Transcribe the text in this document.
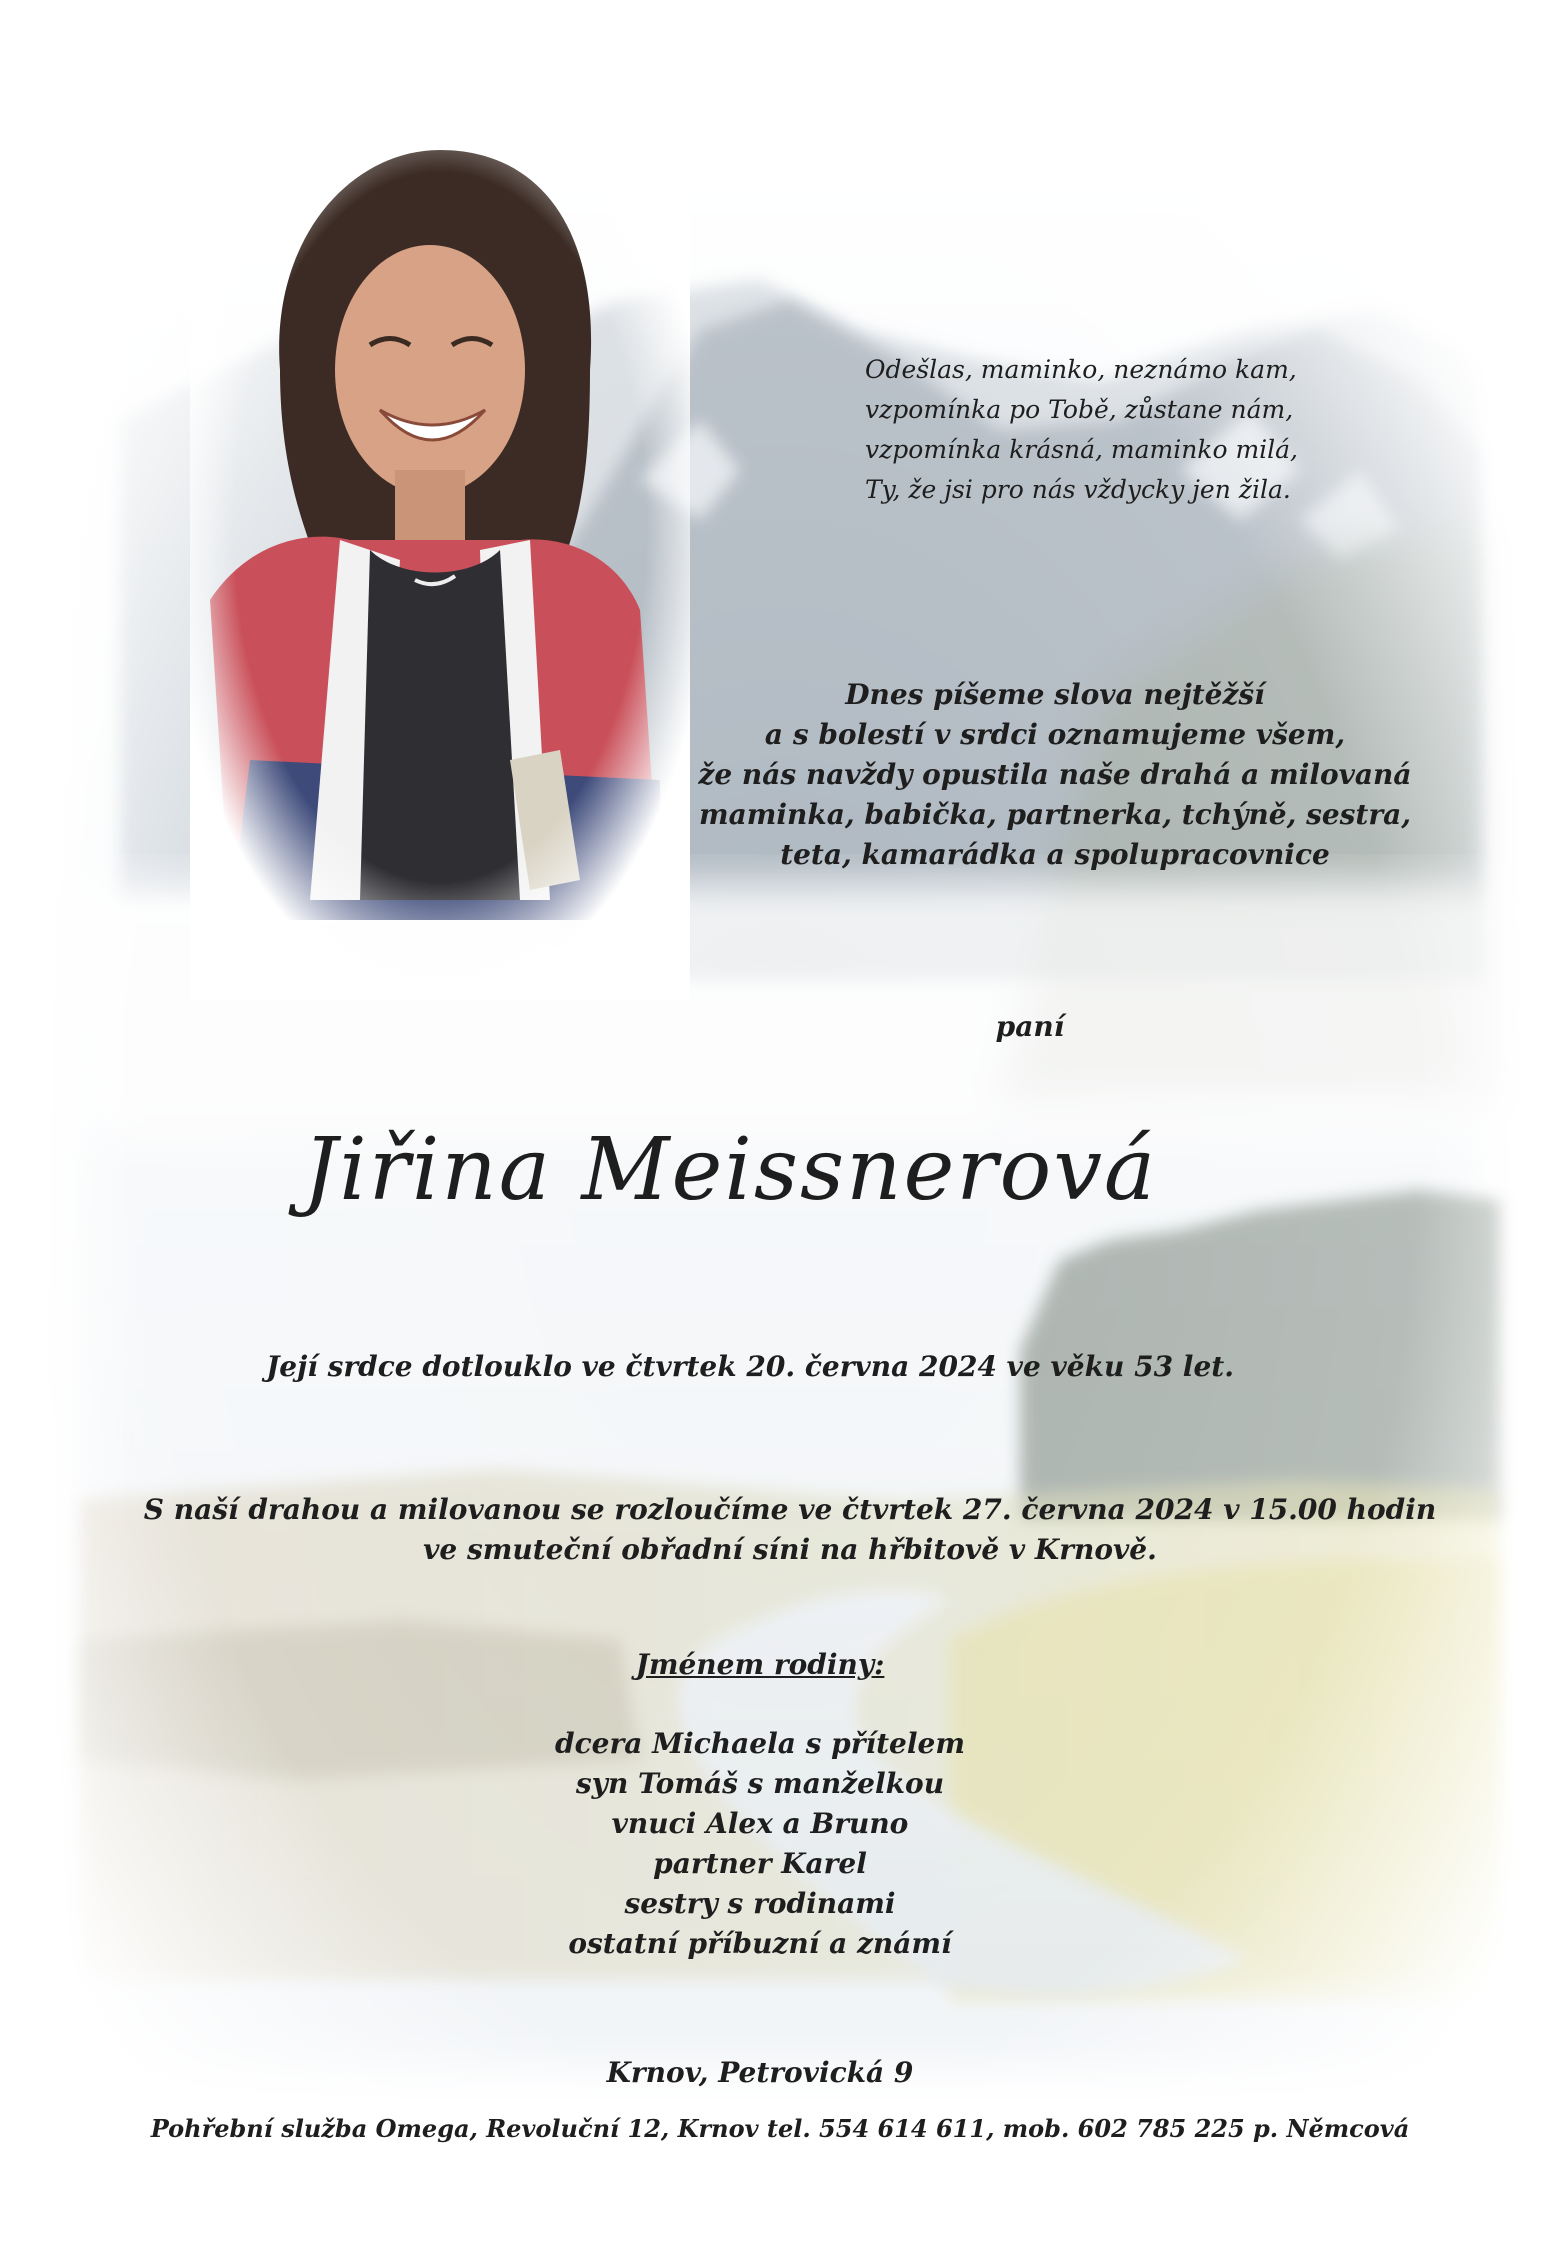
Odešlas, maminko, neznámo kam,
vzpomínka po Tobě, zůstane nám,
vzpomínka krásná, maminko milá,
Ty, že jsi pro nás vždycky jen žila.
Dnes píšeme slova nejtěžší
a s bolestí v srdci oznamujeme všem,
že nás navždy opustila naše drahá a milovaná
maminka, babička, partnerka, tchýně, sestra,
teta, kamarádka a spolupracovnice
paní
Jiřina Meissnerová
Její srdce dotlouklo ve čtvrtek 20. června 2024 ve věku 53 let.
S naší drahou a milovanou se rozloučíme ve čtvrtek 27. června 2024 v 15.00 hodin
ve smuteční obřadní síni na hřbitově v Krnově.
Jménem rodiny:
dcera Michaela s přítelem
syn Tomáš s manželkou
vnuci Alex a Bruno
partner Karel
sestry s rodinami
ostatní příbuzní a známí
Krnov, Petrovická 9
Pohřební služba Omega, Revoluční 12, Krnov tel. 554 614 611, mob. 602 785 225 p. Němcová
